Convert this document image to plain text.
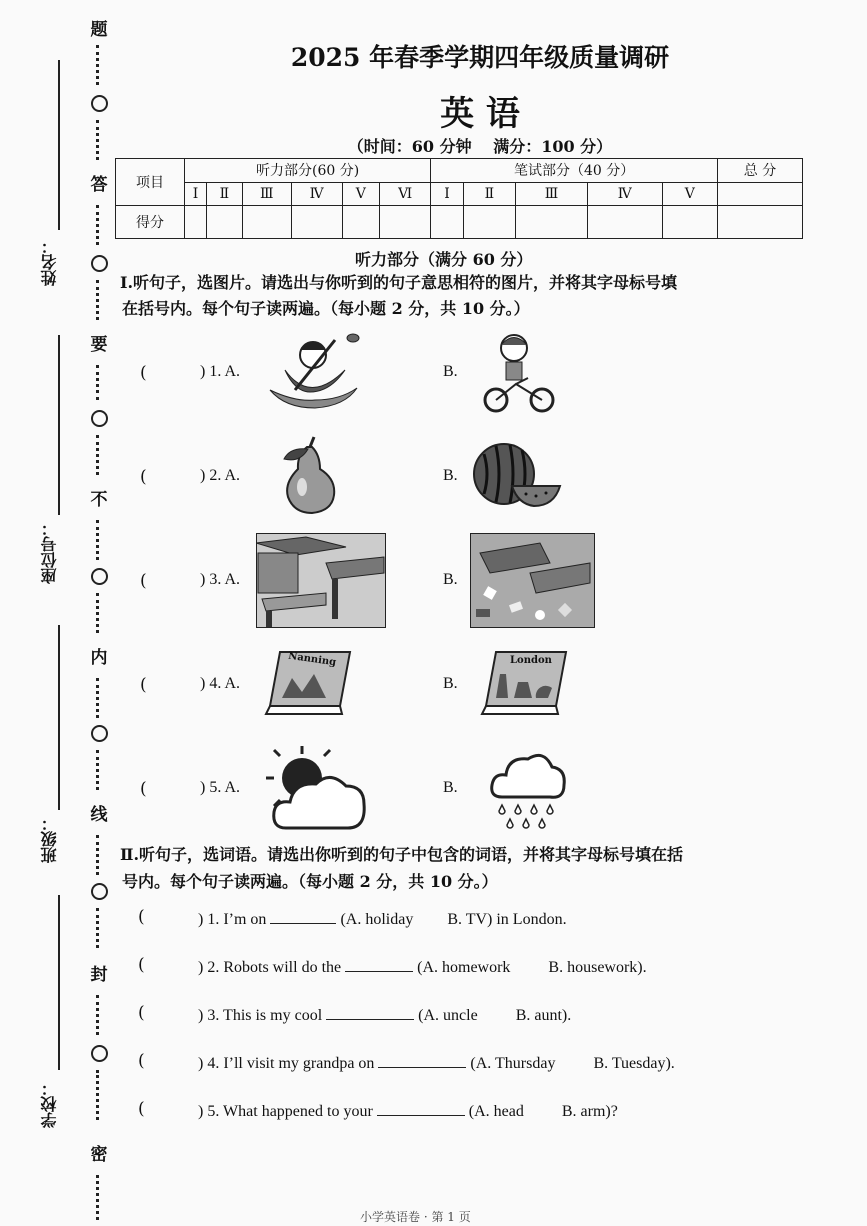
姓名：
座位号：
班级：
学校：
题
答
要
不
内
线
封
密
2025 年春季学期四年级质量调研
英 语
（时间：60 分钟　 满分：100 分）
项目	听力部分(60 分)						笔试部分（40 分）					总 分
	Ⅰ	Ⅱ	Ⅲ	Ⅳ	Ⅴ	Ⅵ	Ⅰ	Ⅱ	Ⅲ	Ⅳ	Ⅴ	
得分												
听力部分（满分 60 分）
Ⅰ.听句子，选图片。请选出与你听到的句子意思相符的图片，并将其字母标号填
在括号内。每个句子读两遍。（每小题 2 分，共 10 分。）
(	) 1. A.	B.
(	) 2. A.	B.
(	) 3. A.	B.
(	) 4. A.
Nanning
B.
London
(	) 5. A.	B.
Ⅱ.听句子，选词语。请选出你听到的句子中包含的词语，并将其字母标号填在括
号内。每个句子读两遍。（每小题 2 分，共 10 分。）
(	) 1. I’m on	(A. holiday B. TV) in London.
(	) 2. Robots will do the	(A. homework B. housework).
(	) 3. This is my cool	(A. uncle B. aunt).
(	) 4. I’ll visit my grandpa on	(A. Thursday B. Tuesday).
(	) 5. What happened to your	(A. head B. arm)?
小学英语卷 · 第 1 页
